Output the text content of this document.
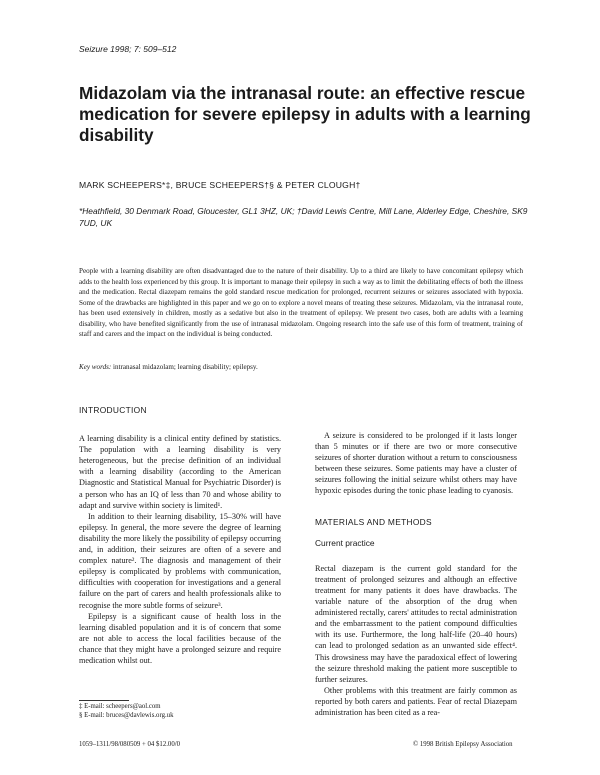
Seizure 1998; 7: 509–512
Midazolam via the intranasal route: an effective rescue medication for severe epilepsy in adults with a learning disability
MARK SCHEEPERS*‡, BRUCE SCHEEPERS†§ & PETER CLOUGH†
*Heathfield, 30 Denmark Road, Gloucester, GL1 3HZ, UK; †David Lewis Centre, Mill Lane, Alderley Edge, Cheshire, SK9 7UD, UK

People with a learning disability are often disadvantaged due to the nature of their disability. Up to a third are likely to have concomitant epilepsy which adds to the health loss experienced by this group. It is important to manage their epilepsy in such a way as to limit the debilitating effects of both the illness and the medication. Rectal diazepam remains the gold standard rescue medication for prolonged, recurrent seizures or seizures associated with hypoxia. Some of the drawbacks are highlighted in this paper and we go on to explore a novel means of treating these seizures. Midazolam, via the intranasal route, has been used extensively in children, mostly as a sedative but also in the treatment of epilepsy. We present two cases, both are adults with a learning disability, who have benefited significantly from the use of intranasal midazolam. Ongoing research into the safe use of this form of treatment, training of staff and carers and the impact on the individual is being conducted.

Key words: intranasal midazolam; learning disability; epilepsy.
INTRODUCTION

A learning disability is a clinical entity defined by statistics. The population with a learning disability is very heterogeneous, but the precise definition of an individual with a learning disability (according to the American Diagnostic and Statistical Manual for Psychiatric Disorder) is a person who has an IQ of less than 70 and whose ability to adapt and survive within society is limited¹.

In addition to their learning disability, 15–30% will have epilepsy. In general, the more severe the degree of learning disability the more likely the possibility of epilepsy occurring and, in addition, their seizures are often of a severe and complex nature². The diagnosis and management of their epilepsy is complicated by problems with communication, difficulties with cooperation for investigations and a general failure on the part of carers and health professionals alike to recognise the more subtle forms of seizure³.

Epilepsy is a significant cause of health loss in the learning disabled population and it is of concern that some are not able to access the local facilities because of the chance that they might have a prolonged seizure and require medication whilst out.

A seizure is considered to be prolonged if it lasts longer than 5 minutes or if there are two or more consecutive seizures of shorter duration without a return to consciousness between these seizures. Some patients may have a cluster of seizures following the initial seizure whilst others may have hypoxic episodes during the tonic phase leading to cyanosis.

MATERIALS AND METHODS
Current practice

Rectal diazepam is the current gold standard for the treatment of prolonged seizures and although an effective treatment for many patients it does have drawbacks. The variable nature of the absorption of the drug when administered rectally, carers' attitudes to rectal administration and the embarrassment to the patient compound difficulties with its use. Furthermore, the long half-life (20–40 hours) can lead to prolonged sedation as an unwanted side effect⁴. This drowsiness may have the paradoxical effect of lowering the seizure threshold making the patient more susceptible to further seizures.

Other problems with this treatment are fairly common as reported by both carers and patients. Fear of rectal Diazepam administration has been cited as a rea-

‡ E-mail: scheepers@aol.com
§ E-mail: bruces@davlewis.org.uk
1059–1311/98/080509 + 04 $12.00/0	© 1998 British Epilepsy Association
